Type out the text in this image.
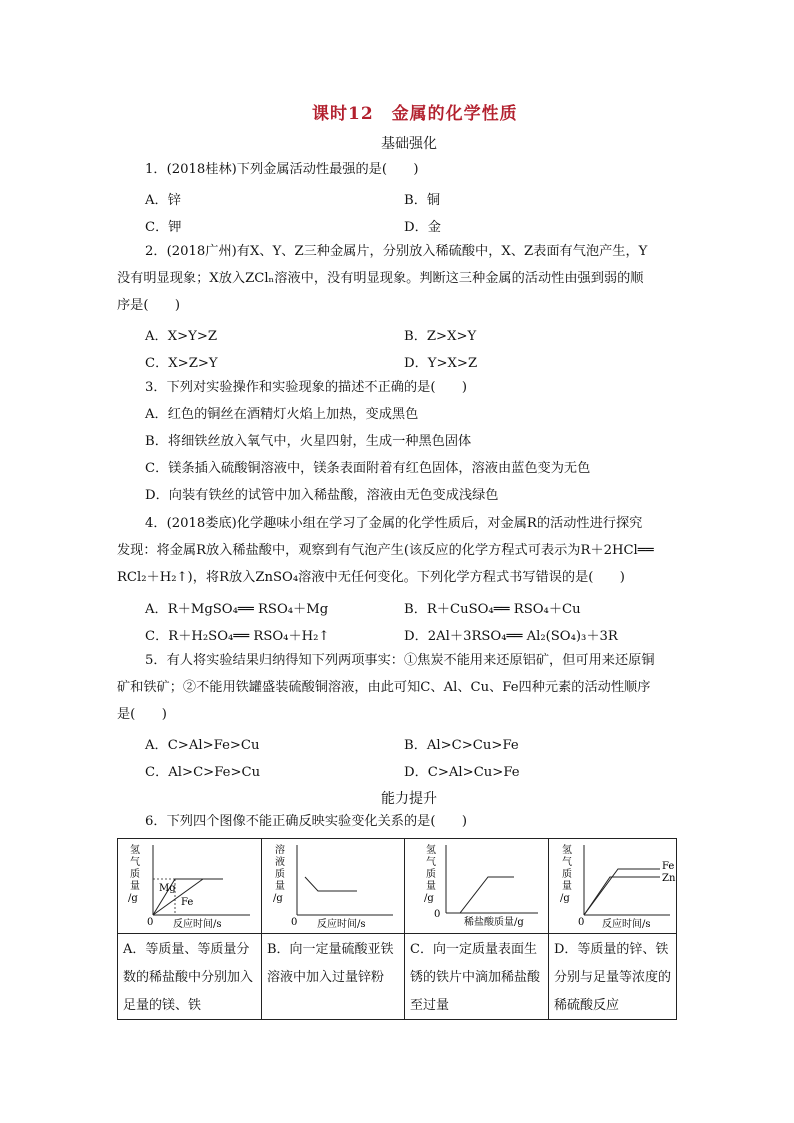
课时12　金属的化学性质
基础强化
1．(2018桂林)下列金属活动性最强的是(　　)
A．锌	B．铜
C．钾	D．金
2．(2018广州)有X、Y、Z三种金属片，分别放入稀硫酸中，X、Z表面有气泡产生，Y
没有明显现象；X放入ZClₙ溶液中，没有明显现象。判断这三种金属的活动性由强到弱的顺
序是(　　)
A．X>Y>Z	B．Z>X>Y
C．X>Z>Y	D．Y>X>Z
3．下列对实验操作和实验现象的描述不正确的是(　　)
A．红色的铜丝在酒精灯火焰上加热，变成黑色
B．将细铁丝放入氧气中，火星四射，生成一种黑色固体
C．镁条插入硫酸铜溶液中，镁条表面附着有红色固体，溶液由蓝色变为无色
D．向装有铁丝的试管中加入稀盐酸，溶液由无色变成浅绿色
4．(2018娄底)化学趣味小组在学习了金属的化学性质后，对金属R的活动性进行探究
发现：将金属R放入稀盐酸中，观察到有气泡产生(该反应的化学方程式可表示为R＋2HCl══
RCl₂＋H₂↑)，将R放入ZnSO₄溶液中无任何变化。下列化学方程式书写错误的是(　　)
A．R＋MgSO₄══ RSO₄＋Mg	B．R＋CuSO₄══ RSO₄＋Cu
C．R＋H₂SO₄══ RSO₄＋H₂↑	D．2Al＋3RSO₄══ Al₂(SO₄)₃＋3R
5．有人将实验结果归纳得知下列两项事实：①焦炭不能用来还原铝矿，但可用来还原铜
矿和铁矿；②不能用铁罐盛装硫酸铜溶液，由此可知C、Al、Cu、Fe四种元素的活动性顺序
是(　　)
A．C>Al>Fe>Cu	B．Al>C>Cu>Fe
C．Al>C>Fe>Cu	D．C>Al>Cu>Fe
能力提升
6．下列四个图像不能正确反映实验变化关系的是(　　)
氢
气
质
量
/g
Mg
Fe
0 反应时间/s
溶
液
质
量
/g
0 反应时间/s
氢
气
质
量
/g
0
稀盐酸质量/g
氢
气
质
量
/g
Fe
Zn
0 反应时间/s
A．等质量、等质量分数的稀盐酸中分别加入足量的镁、铁
B．向一定量硫酸亚铁溶液中加入过量锌粉
C．向一定质量表面生锈的铁片中滴加稀盐酸至过量
D．等质量的锌、铁分别与足量等浓度的稀硫酸反应
